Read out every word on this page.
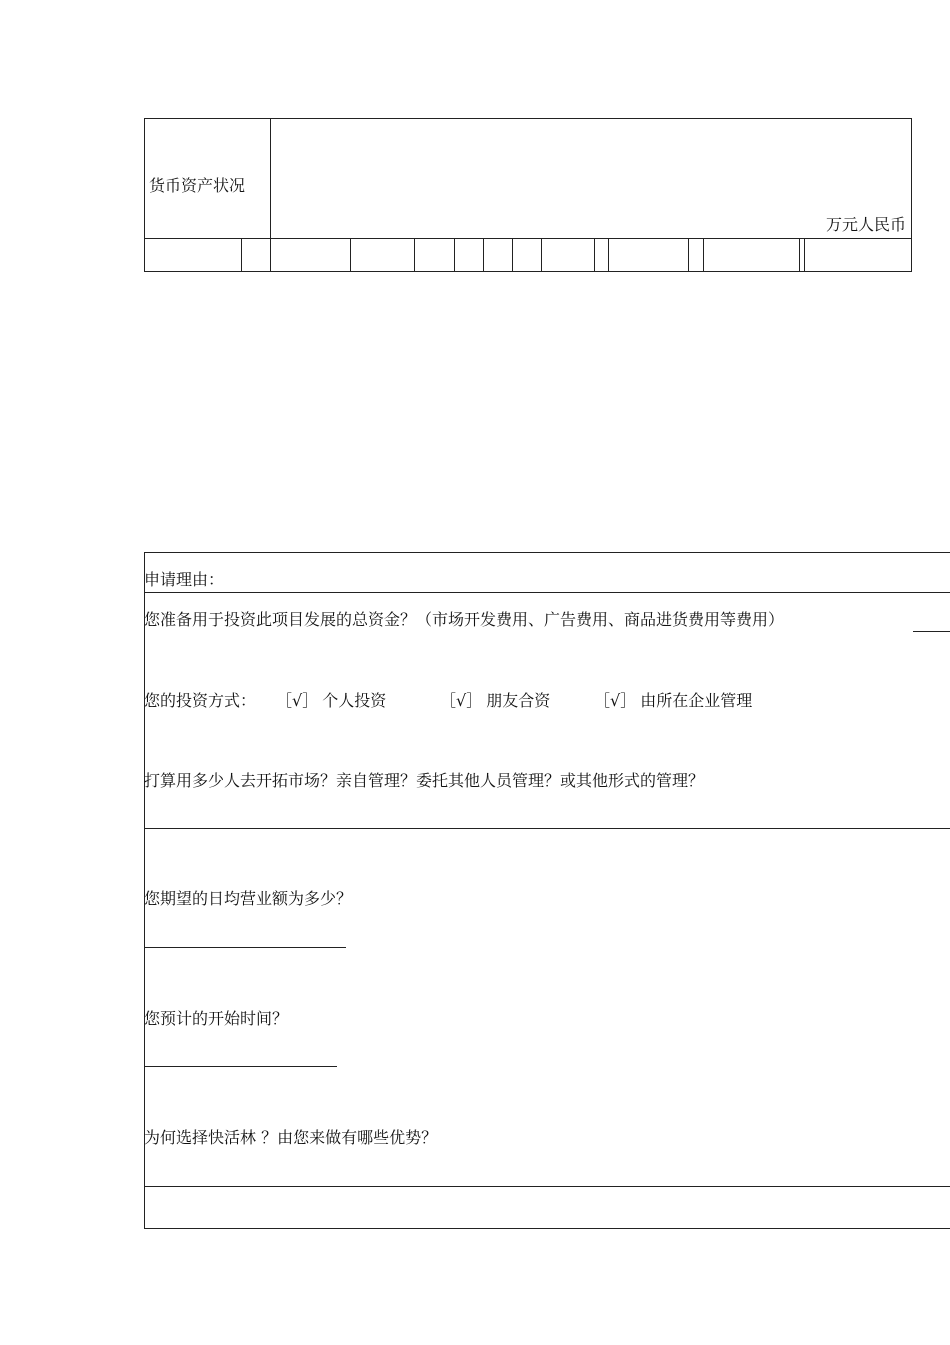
货币资产状况
万元人民币
申请理由：
您准备用于投资此项目发展的总资金？（市场开发费用、广告费用、商品进货费用等费用）
您的投资方式： ［√］ 个人投资	［√］ 朋友合资	［√］ 由所在企业管理
打算用多少人去开拓市场？亲自管理？委托其他人员管理？或其他形式的管理？
您期望的日均营业额为多少？
您预计的开始时间？
为何选择快活林 ？由您来做有哪些优势？
